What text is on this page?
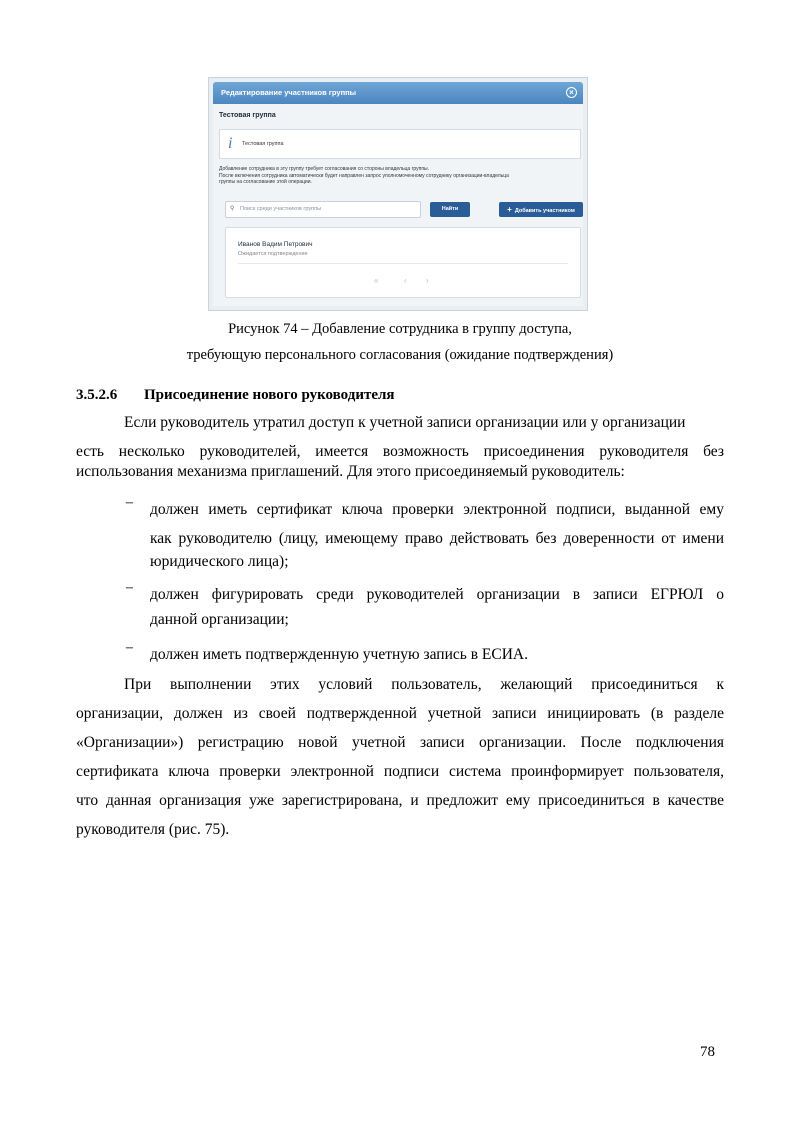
Редактирование участников группы	×
Тестовая группа
i Тестовая группа
Добавление сотрудника в эту группу требует согласования со стороны владельца группы.
После включения сотрудника автоматически будет направлен запрос уполномоченному сотруднику организации-владельца
группы на согласование этой операции.
⚲ Поиск среди участников группы	Найти	+ Добавить участником
Иванов Вадим Петрович
Ожидается подтверждение
«	‹ ›
Рисунок 74 – Добавление сотрудника в группу доступа,
требующую персонального согласования (ожидание подтверждения)
3.5.2.6 Присоединение нового руководителя
Если руководитель утратил доступ к учетной записи организации или у организации
есть несколько руководителей, имеется возможность присоединения руководителя без
использования механизма приглашений. Для этого присоединяемый руководитель:
− должен иметь сертификат ключа проверки электронной подписи, выданной ему
как руководителю (лицу, имеющему право действовать без доверенности от имени
юридического лица);
− должен фигурировать среди руководителей организации в записи ЕГРЮЛ о
данной организации;
− должен иметь подтвержденную учетную запись в ЕСИА.
При выполнении этих условий пользователь, желающий присоединиться к
организации, должен из своей подтвержденной учетной записи инициировать (в разделе
«Организации») регистрацию новой учетной записи организации. После подключения
сертификата ключа проверки электронной подписи система проинформирует пользователя,
что данная организация уже зарегистрирована, и предложит ему присоединиться в качестве
руководителя (рис. 75).
78
